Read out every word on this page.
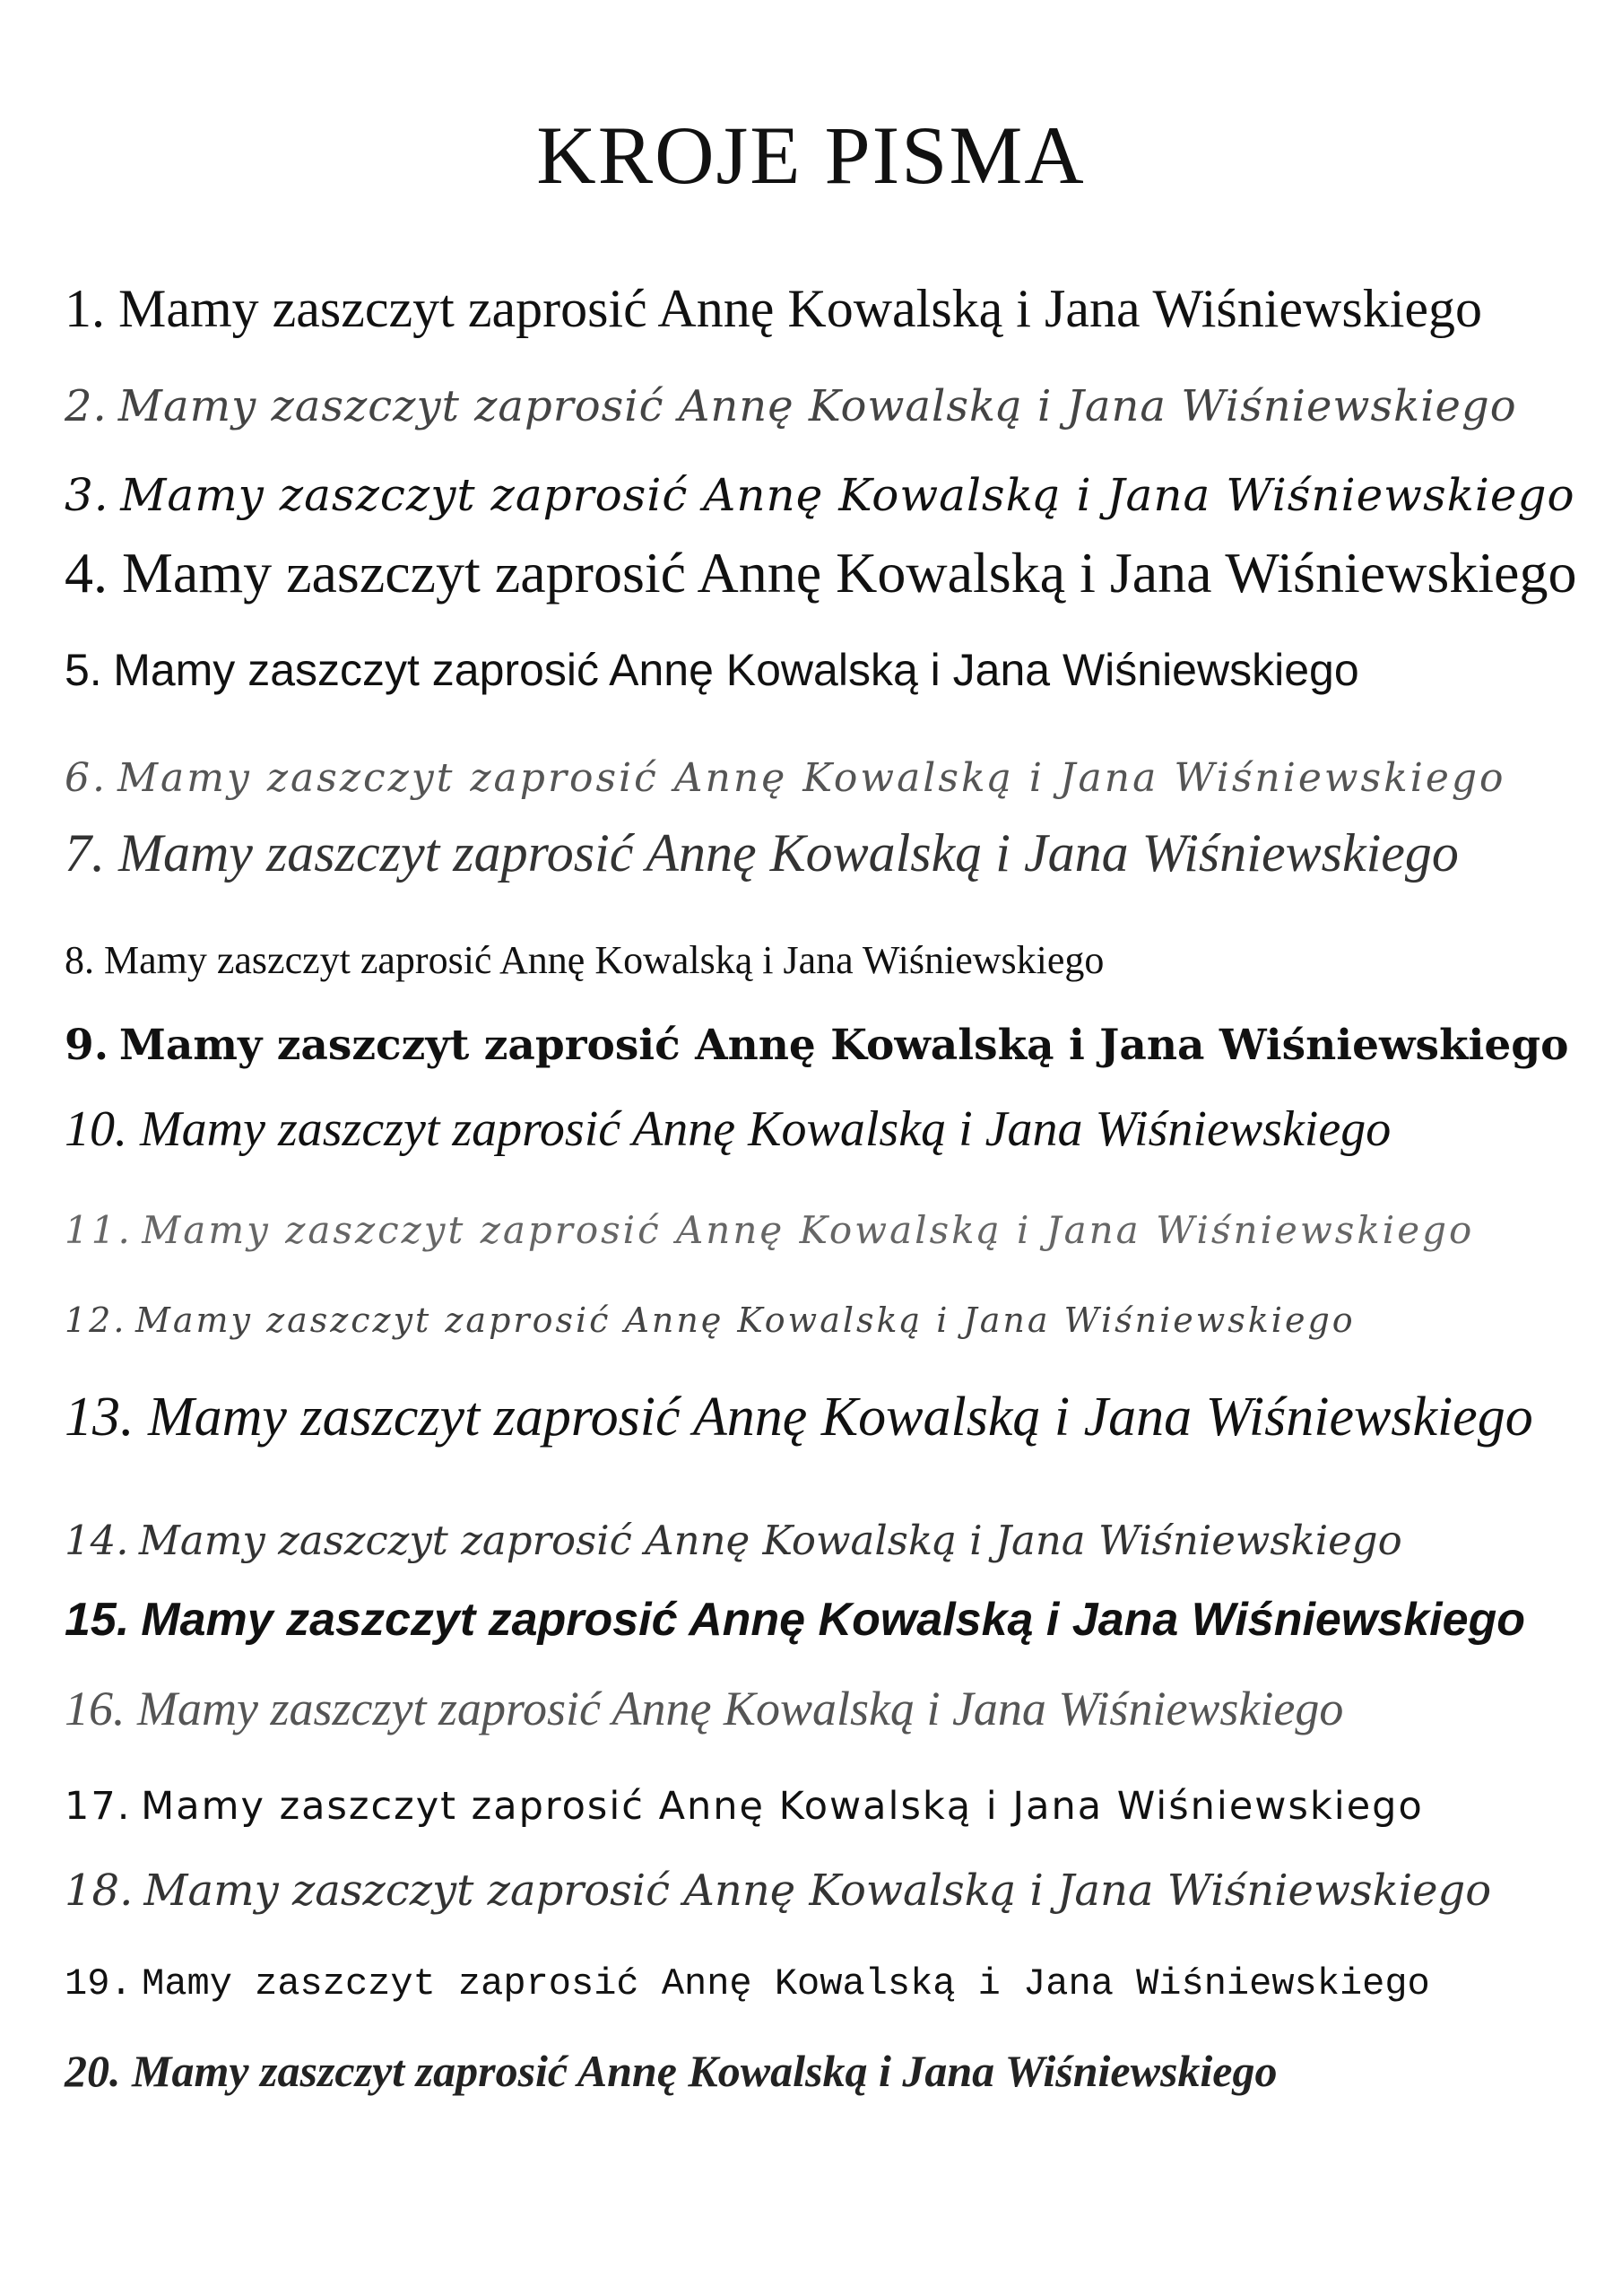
KROJE PISMA
1. Mamy zaszczyt zaprosić Annę Kowalską i Jana Wiśniewskiego
2. Mamy zaszczyt zaprosić Annę Kowalską i Jana Wiśniewskiego
3. Mamy zaszczyt zaprosić Annę Kowalską i Jana Wiśniewskiego
4. Mamy zaszczyt zaprosić Annę Kowalską i Jana Wiśniewskiego
5. Mamy zaszczyt zaprosić Annę Kowalską i Jana Wiśniewskiego
6. Mamy zaszczyt zaprosić Annę Kowalską i Jana Wiśniewskiego
7. Mamy zaszczyt zaprosić Annę Kowalską i Jana Wiśniewskiego
8. Mamy zaszczyt zaprosić Annę Kowalską i Jana Wiśniewskiego
9. Mamy zaszczyt zaprosić Annę Kowalską i Jana Wiśniewskiego
10. Mamy zaszczyt zaprosić Annę Kowalską i Jana Wiśniewskiego
11. Mamy zaszczyt zaprosić Annę Kowalską i Jana Wiśniewskiego
12. Mamy zaszczyt zaprosić Annę Kowalską i Jana Wiśniewskiego
13. Mamy zaszczyt zaprosić Annę Kowalską i Jana Wiśniewskiego
14. Mamy zaszczyt zaprosić Annę Kowalską i Jana Wiśniewskiego
15. Mamy zaszczyt zaprosić Annę Kowalską i Jana Wiśniewskiego
16. Mamy zaszczyt zaprosić Annę Kowalską i Jana Wiśniewskiego
17. Mamy zaszczyt zaprosić Annę Kowalską i Jana Wiśniewskiego
18. Mamy zaszczyt zaprosić Annę Kowalską i Jana Wiśniewskiego
19. Mamy zaszczyt zaprosić Annę Kowalską i Jana Wiśniewskiego
20. Mamy zaszczyt zaprosić Annę Kowalską i Jana Wiśniewskiego
